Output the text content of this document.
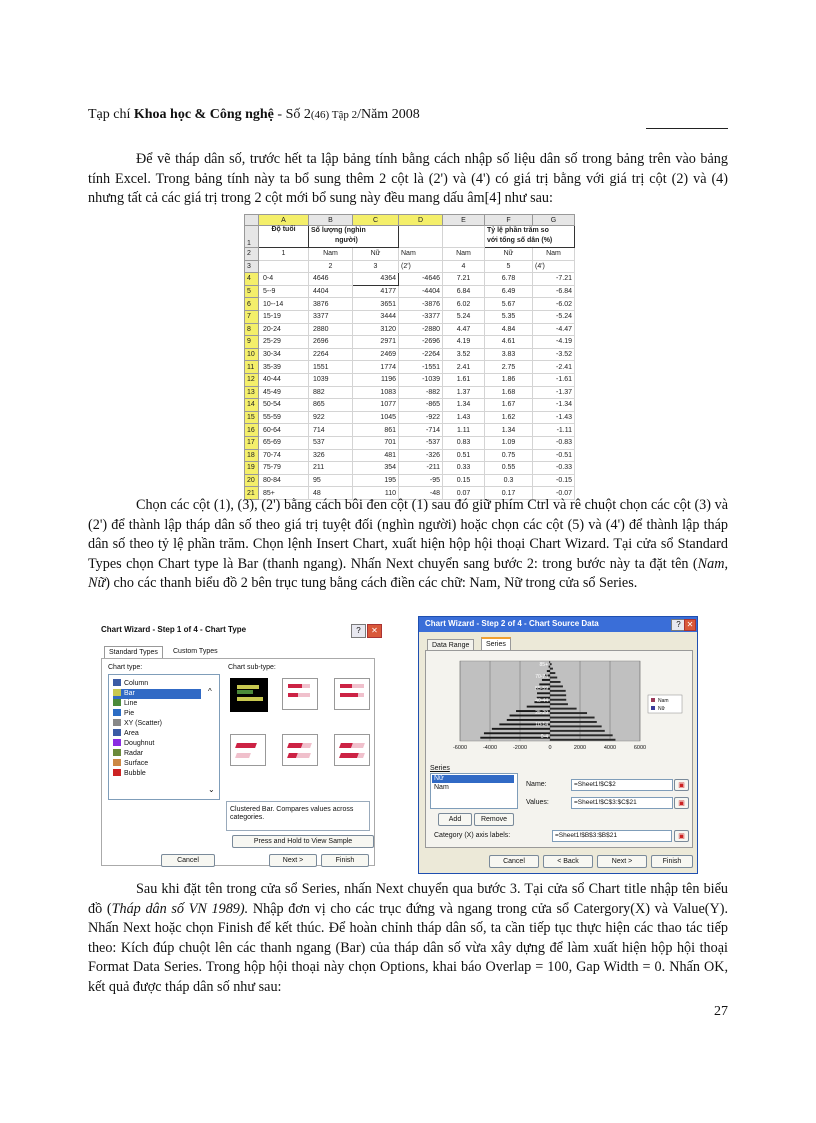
Tạp chí Khoa học & Công nghệ - Số 2(46) Tập 2/Năm 2008

Để vẽ tháp dân số, trước hết ta lập bảng tính bằng cách nhập số liệu dân số trong bảng trên vào bảng tính Excel. Trong bảng tính này ta bổ sung thêm 2 cột là (2') và (4') có giá trị bằng với giá trị cột (2) và (4) nhưng tất cả các giá trị trong 2 cột mới bổ sung này đều mang dấu âm[4] như sau:

	A	B	C	D	E	F	G
1	Độ tuổi	Số lượng (nghìn
người)				Tỷ lệ phần trăm so
với tổng số dân (%)	
2	1	Nam	Nữ	Nam	Nam	Nữ	Nam
3		2	3	(2')	4	5	(4')
4	0-4	4646	4364	-4646	7.21	6.78	-7.21
5	5--9	4404	4177	-4404	6.84	6.49	-6.84
6	10--14	3876	3651	-3876	6.02	5.67	-6.02
7	15-19	3377	3444	-3377	5.24	5.35	-5.24
8	20-24	2880	3120	-2880	4.47	4.84	-4.47
9	25-29	2696	2971	-2696	4.19	4.61	-4.19
10	30-34	2264	2469	-2264	3.52	3.83	-3.52
11	35-39	1551	1774	-1551	2.41	2.75	-2.41
12	40-44	1039	1196	-1039	1.61	1.86	-1.61
13	45-49	882	1083	-882	1.37	1.68	-1.37
14	50-54	865	1077	-865	1.34	1.67	-1.34
15	55-59	922	1045	-922	1.43	1.62	-1.43
16	60-64	714	861	-714	1.11	1.34	-1.11
17	65-69	537	701	-537	0.83	1.09	-0.83
18	70-74	326	481	-326	0.51	0.75	-0.51
19	75-79	211	354	-211	0.33	0.55	-0.33
20	80-84	95	195	-95	0.15	0.3	-0.15
21	85+	48	110	-48	0.07	0.17	-0.07

Chọn các cột (1), (3), (2') bằng cách bôi đen cột (1) sau đó giữ phím Ctrl và rê chuột chọn các cột (3) và (2') để thành lập tháp dân số theo giá trị tuyệt đối (nghìn người) hoặc chọn các cột (5) và (4') để thành lập tháp dân số theo tỷ lệ phần trăm. Chọn lệnh Insert Chart, xuất hiện hộp hội thoại Chart Wizard. Tại cửa sổ Standard Types chọn Chart type là Bar (thanh ngang). Nhấn Next chuyển sang bước 2: trong bước này ta đặt tên (Nam, Nữ) cho các thanh biểu đồ 2 bên trục tung bằng cách điền các chữ: Nam, Nữ trong cửa sổ Series.

Chart Wizard - Step 1 of 4 - Chart Type	?	✕
Standard Types	Custom Types
Chart type:
Column
Bar
Line
Pie
XY (Scatter)
Area
Doughnut
Radar
Surface
Bubble
^
⌄
Chart sub-type:
Clustered Bar. Compares values across categories.
Press and Hold to View Sample
Cancel	Next >	Finish
Chart Wizard - Step 2 of 4 - Chart Source Data	? ✕
Data Range	Series
85+
70-74
55-59
40-44
25-29
10-14
0-4
-6000	-4000	-2000	0	2000	4000	6000
Nam
Nữ
Series
Nữ
Nam
Add	Remove
Name:	=Sheet1!$C$2	▣
Values:	=Sheet1!$C$3:$C$21	▣
Category (X) axis labels:	=Sheet1!$B$3:$B$21	▣
Cancel	< Back	Next >	Finish

Sau khi đặt tên trong cửa sổ Series, nhấn Next chuyển qua bước 3. Tại cửa sổ Chart title nhập tên biểu đồ (Tháp dân số VN 1989). Nhập đơn vị cho các trục đứng và ngang trong cửa sổ Catergory(X) và Value(Y). Nhấn Next hoặc chọn Finish để kết thúc. Để hoàn chỉnh tháp dân số, ta cần tiếp tục thực hiện các thao tác tiếp theo: Kích đúp chuột lên các thanh ngang (Bar) của tháp dân số vừa xây dựng để làm xuất hiện hộp hội thoại Format Data Series. Trong hộp hội thoại này chọn Options, khai báo Overlap = 100, Gap Width = 0. Nhấn OK, kết quả được tháp dân số như sau:

27
